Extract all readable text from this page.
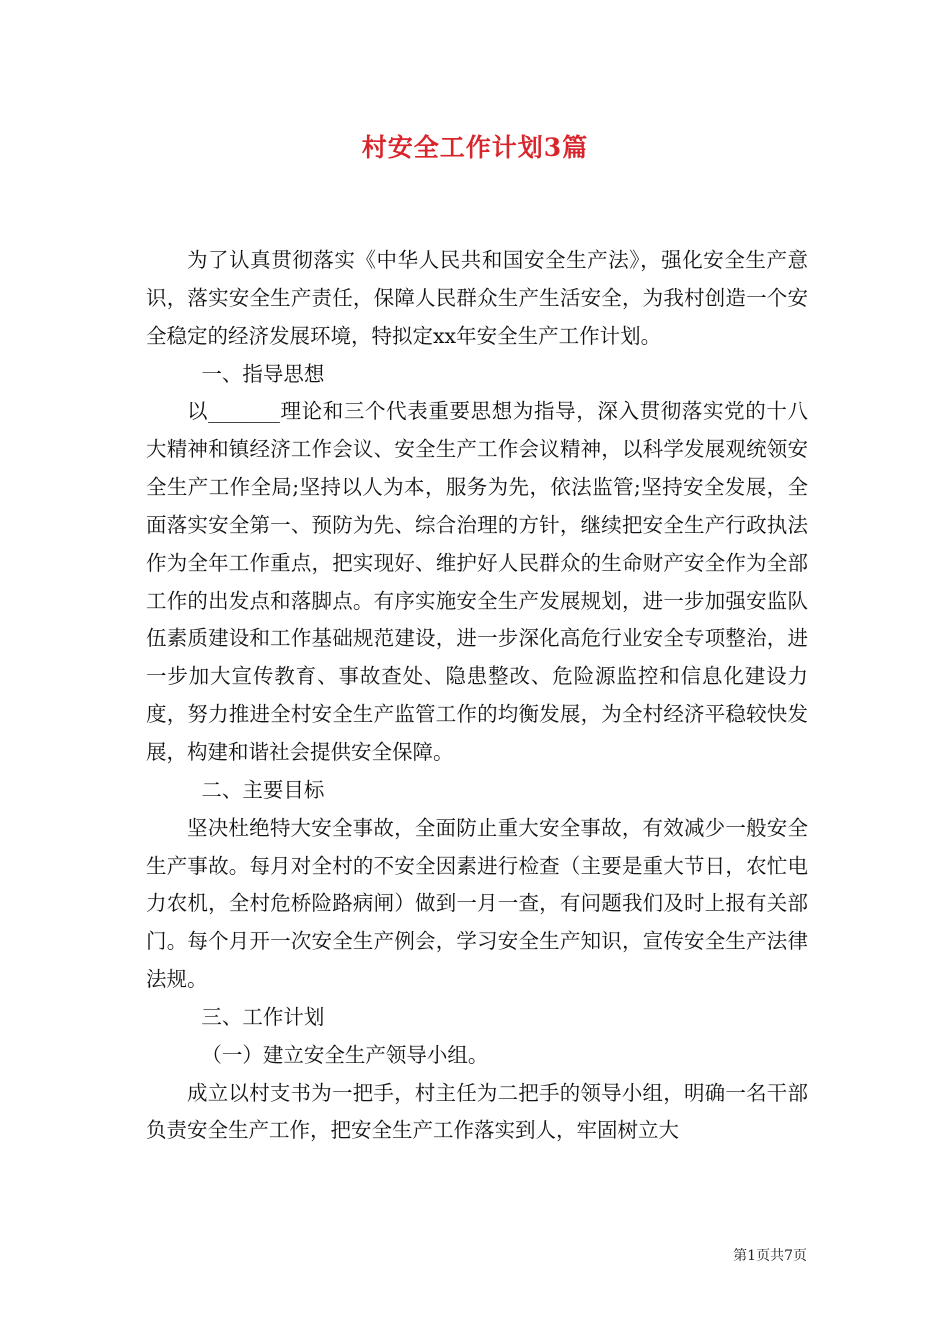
村安全工作计划3篇

为了认真贯彻落实《中华人民共和国安全生产法》，强化安全生产意识，落实安全生产责任，保障人民群众生产生活安全，为我村创造一个安全稳定的经济发展环境，特拟定xx年安全生产工作计划。

一、指导思想

以_______理论和三个代表重要思想为指导，深入贯彻落实党的十八大精神和镇经济工作会议、安全生产工作会议精神，以科学发展观统领安全生产工作全局;坚持以人为本，服务为先，依法监管;坚持安全发展，全面落实安全第一、预防为先、综合治理的方针，继续把安全生产行政执法作为全年工作重点，把实现好、维护好人民群众的生命财产安全作为全部工作的出发点和落脚点。有序实施安全生产发展规划，进一步加强安监队伍素质建设和工作基础规范建设，进一步深化高危行业安全专项整治，进一步加大宣传教育、事故查处、隐患整改、危险源监控和信息化建设力度，努力推进全村安全生产监管工作的均衡发展，为全村经济平稳较快发展，构建和谐社会提供安全保障。

二、主要目标

坚决杜绝特大安全事故，全面防止重大安全事故，有效减少一般安全生产事故。每月对全村的不安全因素进行检查（主要是重大节日，农忙电力农机，全村危桥险路病闸）做到一月一查，有问题我们及时上报有关部门。每个月开一次安全生产例会，学习安全生产知识，宣传安全生产法律法规。

三、工作计划

（一）建立安全生产领导小组。

成立以村支书为一把手，村主任为二把手的领导小组，明确一名干部负责安全生产工作，把安全生产工作落实到人，牢固树立大

第1页共7页
